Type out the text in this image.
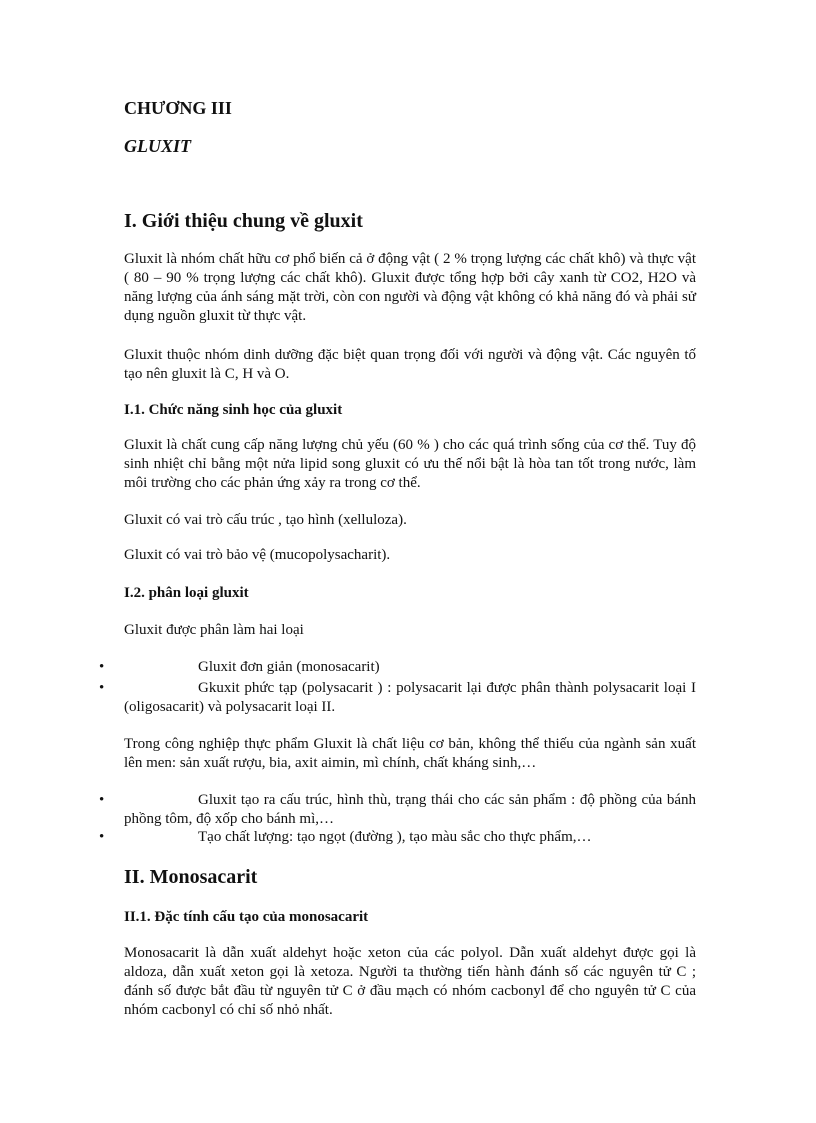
CHƯƠNG III
GLUXIT
I. Giới thiệu chung về gluxit

Gluxit là nhóm chất hữu cơ phổ biến cả ở động vật ( 2 % trọng lượng các chất khô) và thực vật ( 80 – 90 % trọng lượng các chất khô). Gluxit được tổng hợp bởi cây xanh từ CO2, H2O và năng lượng của ánh sáng mặt trời, còn con người và động vật không có khả năng đó và phải sử dụng nguồn gluxit từ thực vật.

Gluxit thuộc nhóm dinh dưỡng đặc biệt quan trọng đối với người và động vật. Các nguyên tố tạo nên gluxit là C, H và O.

I.1. Chức năng sinh học của gluxit

Gluxit là chất cung cấp năng lượng chủ yếu (60 % ) cho các quá trình sống của cơ thể. Tuy độ sinh nhiệt chỉ bằng một nửa lipid song gluxit có ưu thế nổi bật là hòa tan tốt trong nước, làm môi trường cho các phản ứng xảy ra trong cơ thể.

Gluxit có vai trò cấu trúc , tạo hình (xelluloza).

Gluxit có vai trò bảo vệ (mucopolysacharit).

I.2. phân loại gluxit

Gluxit được phân làm hai loại

•	Gluxit đơn giản (monosacarit)
•	Gkuxit phức tạp (polysacarit ) : polysacarit lại được phân thành polysacarit loại I (oligosacarit) và polysacarit loại II.

Trong công nghiệp thực phẩm Gluxit là chất liệu cơ bản, không thể thiếu của ngành sản xuất lên men: sản xuất rượu, bia, axit aimin, mì chính, chất kháng sinh,…

•	Gluxit tạo ra cấu trúc, hình thù, trạng thái cho các sản phẩm : độ phồng của bánh phồng tôm, độ xốp cho bánh mì,…
•	Tạo chất lượng: tạo ngọt (đường ), tạo màu sắc cho thực phẩm,…
II. Monosacarit
II.1. Đặc tính cấu tạo của monosacarit

Monosacarit là dẫn xuất aldehyt hoặc xeton của các polyol. Dẫn xuất aldehyt được gọi là aldoza, dẫn xuất xeton gọi là xetoza. Người ta thường tiến hành đánh số các nguyên tử C ; đánh số được bắt đầu từ nguyên tử C ở đầu mạch có nhóm cacbonyl để cho nguyên tử C của nhóm cacbonyl có chỉ số nhỏ nhất.
